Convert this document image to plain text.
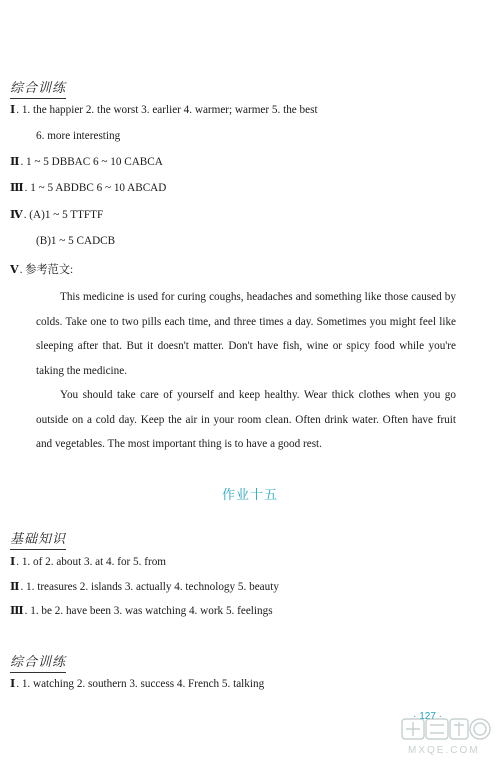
综合训练
Ⅰ. 1. the happier 2. the worst 3. earlier 4. warmer; warmer 5. the best
6. more interesting
Ⅱ. 1 ~ 5 DBBAC 6 ~ 10 CABCA
Ⅲ. 1 ~ 5 ABDBC 6 ~ 10 ABCAD
Ⅳ. (A)1 ~ 5 TTFTF
(B)1 ~ 5 CADCB
Ⅴ. 参考范文:
This medicine is used for curing coughs, headaches and something like those caused by colds. Take one to two pills each time, and three times a day. Sometimes you might feel like sleeping after that. But it doesn't matter. Don't have fish, wine or spicy food while you're taking the medicine.
You should take care of yourself and keep healthy. Wear thick clothes when you go outside on a cold day. Keep the air in your room clean. Often drink water. Often have fruit and vegetables. The most important thing is to have a good rest.
作业十五
基础知识
Ⅰ. 1. of 2. about 3. at 4. for 5. from
Ⅱ. 1. treasures 2. islands 3. actually 4. technology 5. beauty
Ⅲ. 1. be 2. have been 3. was watching 4. work 5. feelings
综合训练
Ⅰ. 1. watching 2. southern 3. success 4. French 5. talking
· 127 ·
MXQE.COM
